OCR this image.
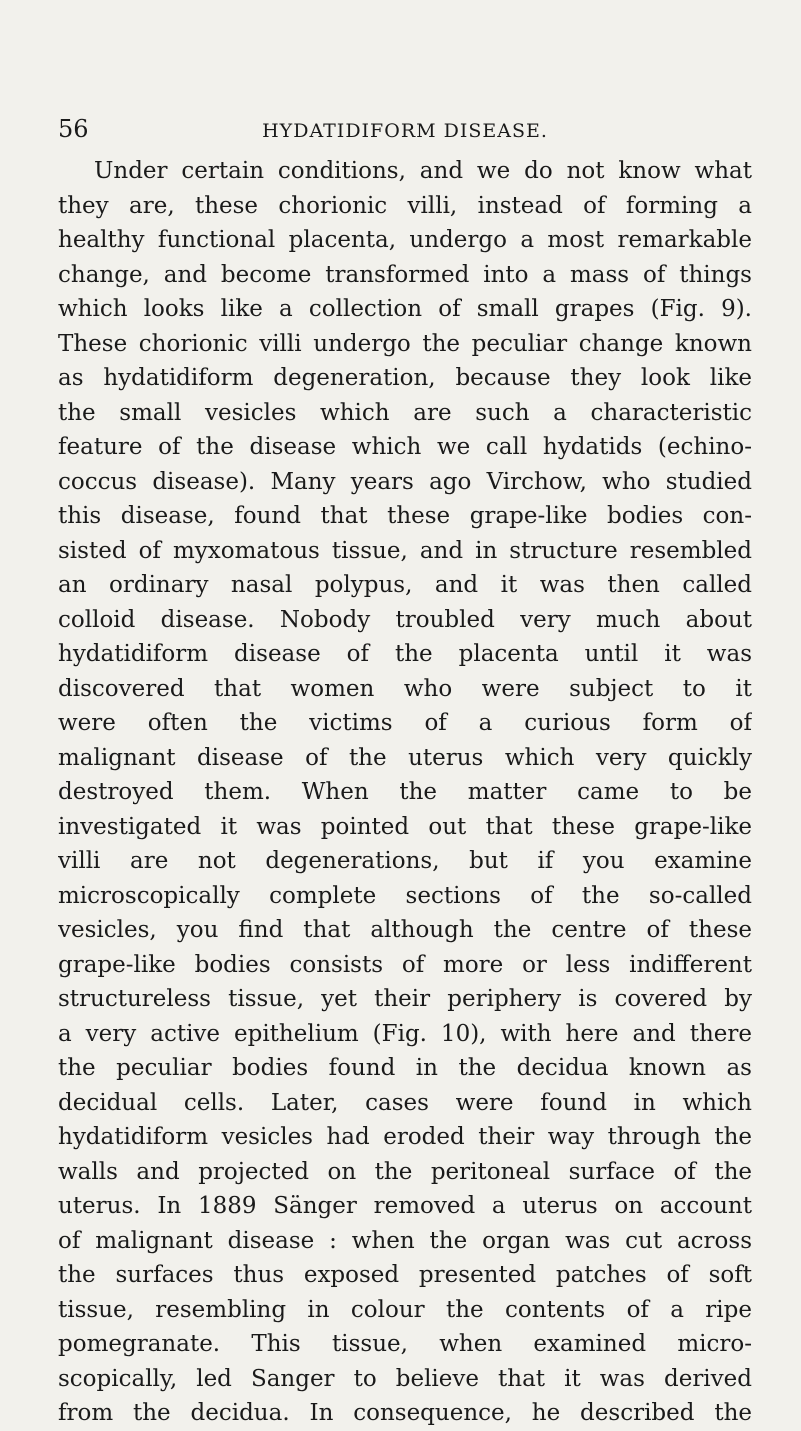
56	HYDATIDIFORM DISEASE.
Under certain conditions, and we do not know what
they are, these chorionic villi, instead of forming a
healthy functional placenta, undergo a most remarkable
change, and become transformed into a mass of things
which looks like a collection of small grapes (Fig. 9).
These chorionic villi undergo the peculiar change known
as hydatidiform degeneration, because they look like
the small vesicles which are such a characteristic
feature of the disease which we call hydatids (echino-
coccus disease). Many years ago Virchow, who studied
this disease, found that these grape-like bodies con-
sisted of myxomatous tissue, and in structure resembled
an ordinary nasal polypus, and it was then called
colloid disease. Nobody troubled very much about
hydatidiform disease of the placenta until it was
discovered that women who were subject to it
were often the victims of a curious form of
malignant disease of the uterus which very quickly
destroyed them. When the matter came to be
investigated it was pointed out that these grape-like
villi are not degenerations, but if you examine
microscopically complete sections of the so-called
vesicles, you find that although the centre of these
grape-like bodies consists of more or less indifferent
structureless tissue, yet their periphery is covered by
a very active epithelium (Fig. 10), with here and there
the peculiar bodies found in the decidua known as
decidual cells. Later, cases were found in which
hydatidiform vesicles had eroded their way through the
walls and projected on the peritoneal surface of the
uterus. In 1889 Sänger removed a uterus on account
of malignant disease : when the organ was cut across
the surfaces thus exposed presented patches of soft
tissue, resembling in colour the contents of a ripe
pomegranate. This tissue, when examined micro-
scopically, led Sanger to believe that it was derived
from the decidua. In consequence, he described the
